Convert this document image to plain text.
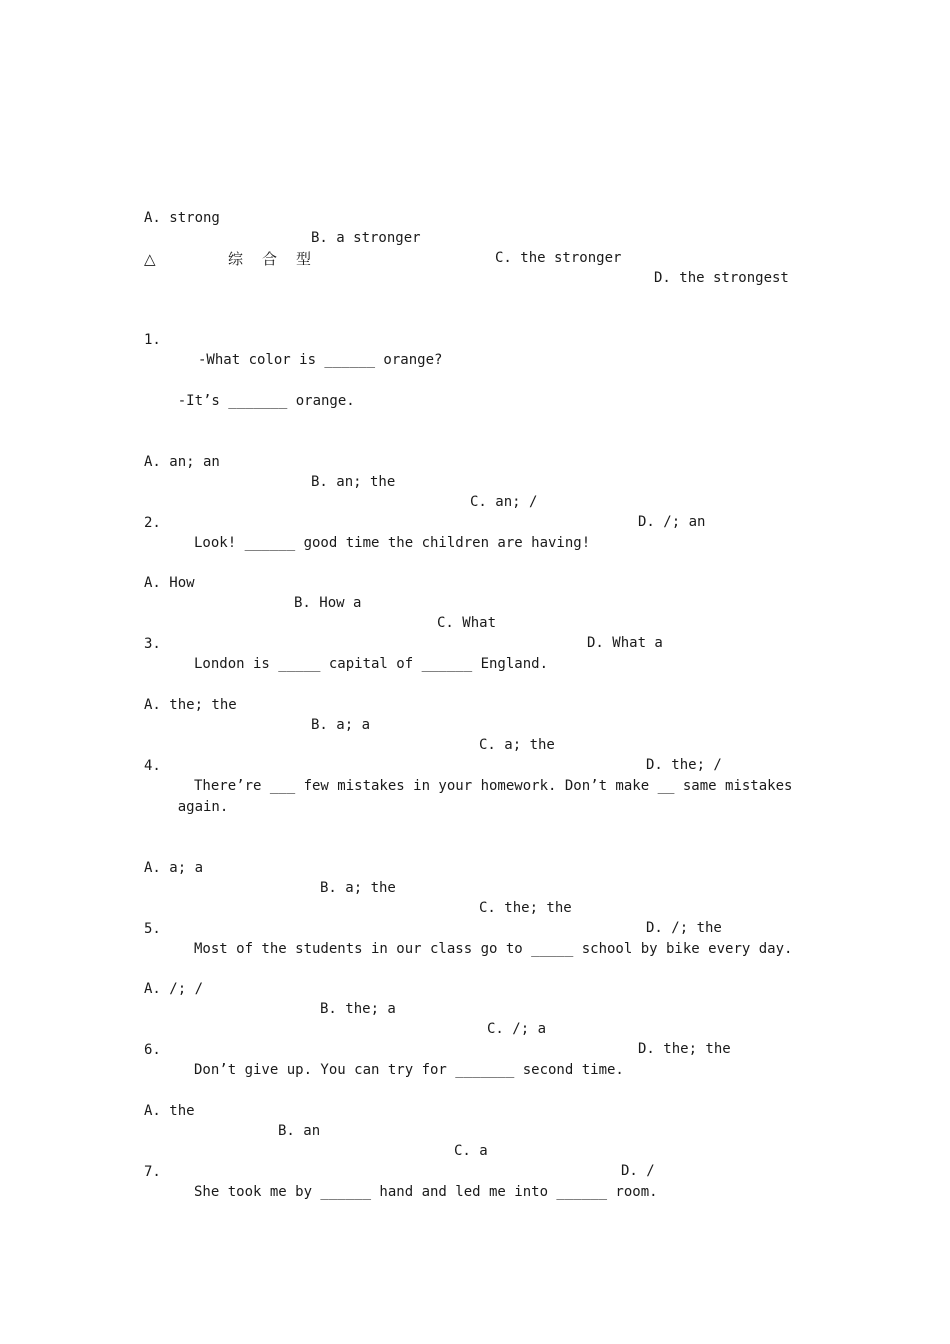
A. strong

B. a stronger

C. the stronger

D. the strongest

△

	综

合

型

1.

-What color is ______ orange?

-It’s _______ orange.

A. an; an

B. an; the

C. an; /

D. /; an

2.

Look! ______ good time the children are having!

A. How

B. How a

C. What

D. What a

3.

London is _____ capital of ______ England.

A. the; the

B. a; a

C. a; the

D. the; /

4.

There’re ___ few mistakes in your homework. Don’t make __ same mistakes

again.

A. a; a

B. a; the

C. the; the

D. /; the

5.

Most of the students in our class go to _____ school by bike every day.

A. /; /

B. the; a

C. /; a

D. the; the

6.

Don’t give up. You can try for _______ second time.

A. the

B. an

C. a

D. /

7.

She took me by ______ hand and led me into ______ room.
